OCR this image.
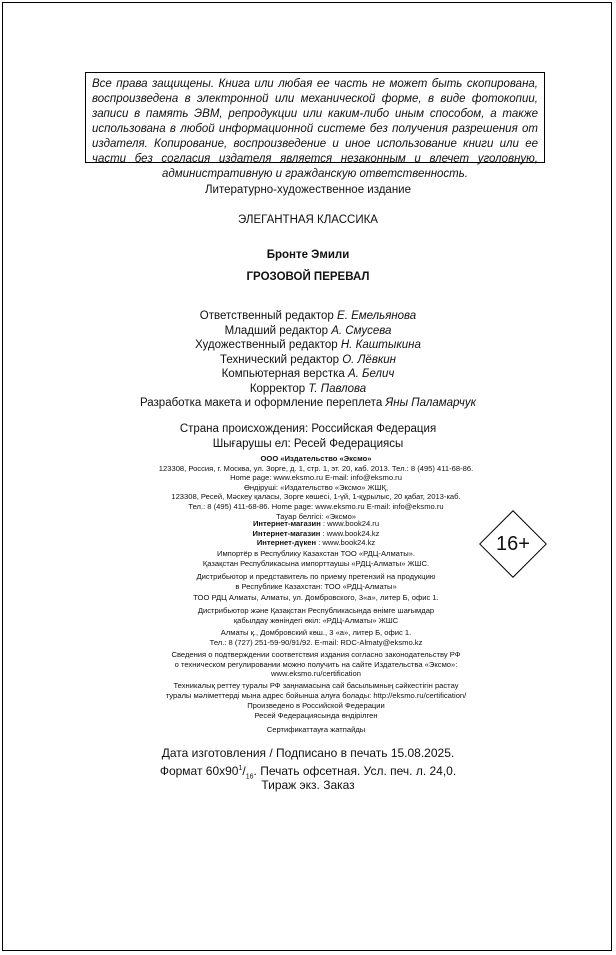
Все права защищены. Книга или любая ее часть не может быть скопирована, воспроизведена в электронной или механической форме, в виде фотокопии, записи в память ЭВМ, репродукции или каким-либо иным способом, а также использована в любой информационной системе без получения разрешения от издателя. Копирование, воспроизведение и иное использование книги или ее части без согласия издателя является незаконным и влечет уголовную, административную и гражданскую ответственность.
Литературно-художественное издание
ЭЛЕГАНТНАЯ КЛАССИКА
Бронте Эмили
ГРОЗОВОЙ ПЕРЕВАЛ
Ответственный редактор Е. Емельянова
Младший редактор А. Смусева
Художественный редактор Н. Каштыкина
Технический редактор О. Лёвкин
Компьютерная верстка А. Белич
Корректор Т. Павлова
Разработка макета и оформление переплета Яны Паламарчук
Страна происхождения: Российская Федерация
Шығарушы ел: Ресей Федерациясы
ООО «Издательство «Эксмо»
123308, Россия, г. Москва, ул. Зорге, д. 1, стр. 1, эт. 20, каб. 2013. Тел.: 8 (495) 411-68-86.
Home page: www.eksmo.ru E-mail: info@eksmo.ru
Өндіруші: «Издательство «Эксмо» ЖШҚ,
123308, Ресей, Мәскеу қаласы, Зорге көшесі, 1-үй, 1-құрылыс, 20 қабат, 2013-каб.
Тел.: 8 (495) 411-68-86. Home page: www.eksmo.ru E-mail: info@eksmo.ru
Тауар белгісі: «Эксмо»
Интернет-магазин : www.book24.ru
Интернет-магазин : www.book24.kz
Интернет-дүкен : www.book24.kz
Импортёр в Республику Казахстан ТОО «РДЦ-Алматы».
Қазақстан Республикасына импорттаушы «РДЦ-Алматы» ЖШС.
Дистрибьютор и представитель по приему претензий на продукцию
в Республике Казахстан: ТОО «РДЦ-Алматы»
ТОО РДЦ Алматы, Алматы, ул. Домбровского, 3«а», литер Б, офис 1.
Дистрибьютор және Қазақстан Республикасында өнімге шағымдар
қабылдау жөніндегі өкіл: «РДЦ-Алматы» ЖШС
Алматы қ., Домбровский көш., 3 «а», литер Б, офис 1.
Тел.: 8 (727) 251-59-90/91/92. E-mail: RDC-Almaty@eksmo.kz
Сведения о подтверждении соответствия издания согласно законодательству РФ
о техническом регулировании можно получить на сайте Издательства «Эксмо»:
www.eksmo.ru/certification
Техникалық реттеу туралы РФ заңнамасына сай басылымның сәйкестігін растау
туралы мәліметтерді мына адрес бойынша алуға болады: http://eksmo.ru/certification/
Произведено в Российской Федерации
Ресей Федерациясында өндірілген
Сертификаттауға жатпайды
16+
Дата изготовления / Подписано в печать 15.08.2025.
Формат $60х90^1/_{16}$. Печать офсетная. Усл. печ. л. 24,0.
Тираж экз. Заказ
